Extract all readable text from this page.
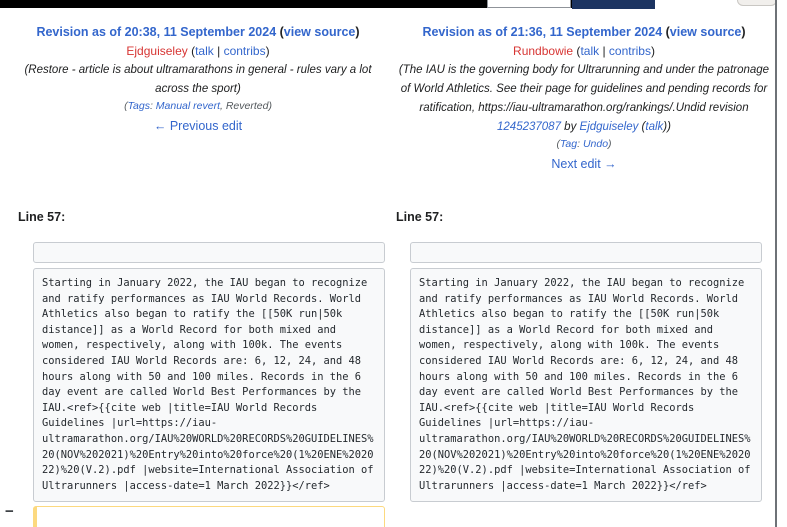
Revision as of 20:38, 11 September 2024 (view source)
Ejdguiseley (talk | contribs)
(Restore - article is about ultramarathons in general - rules vary a lot across the sport)
(Tags: Manual revert, Reverted)
← Previous edit
Revision as of 21:36, 11 September 2024 (view source)
Rundbowie (talk | contribs)
(The IAU is the governing body for Ultrarunning and under the patronage of World Athletics. See their page for guidelines and pending records for ratification, https://iau-ultramarathon.org/rankings/.Undid revision 1245237087 by Ejdguiseley (talk))
(Tag: Undo)
Next edit →
Line 57:	Line 57:
Starting in January 2022, the IAU began to recognize and ratify performances as IAU World Records. World Athletics also began to ratify the [[50K run|50k distance]] as a World Record for both mixed and women, respectively, along with 100k. The events considered IAU World Records are: 6, 12, 24, and 48 hours along with 50 and 100 miles. Records in the 6 day event are called World Best Performances by the IAU.<ref>{{cite web |title=IAU World Records Guidelines |url=https://iau-ultramarathon.org/IAU%20WORLD%20RECORDS%20GUIDELINES%20(NOV%202021)%20Entry%20into%20force%20(1%20ENE%202022)%20(V.2).pdf |website=International Association of Ultrarunners |access-date=1 March 2022}}</ref>
Starting in January 2022, the IAU began to recognize and ratify performances as IAU World Records. World Athletics also began to ratify the [[50K run|50k distance]] as a World Record for both mixed and women, respectively, along with 100k. The events considered IAU World Records are: 6, 12, 24, and 48 hours along with 50 and 100 miles. Records in the 6 day event are called World Best Performances by the IAU.<ref>{{cite web |title=IAU World Records Guidelines |url=https://iau-ultramarathon.org/IAU%20WORLD%20RECORDS%20GUIDELINES%20(NOV%202021)%20Entry%20into%20force%20(1%20ENE%202022)%20(V.2).pdf |website=International Association of Ultrarunners |access-date=1 March 2022}}</ref>
−
